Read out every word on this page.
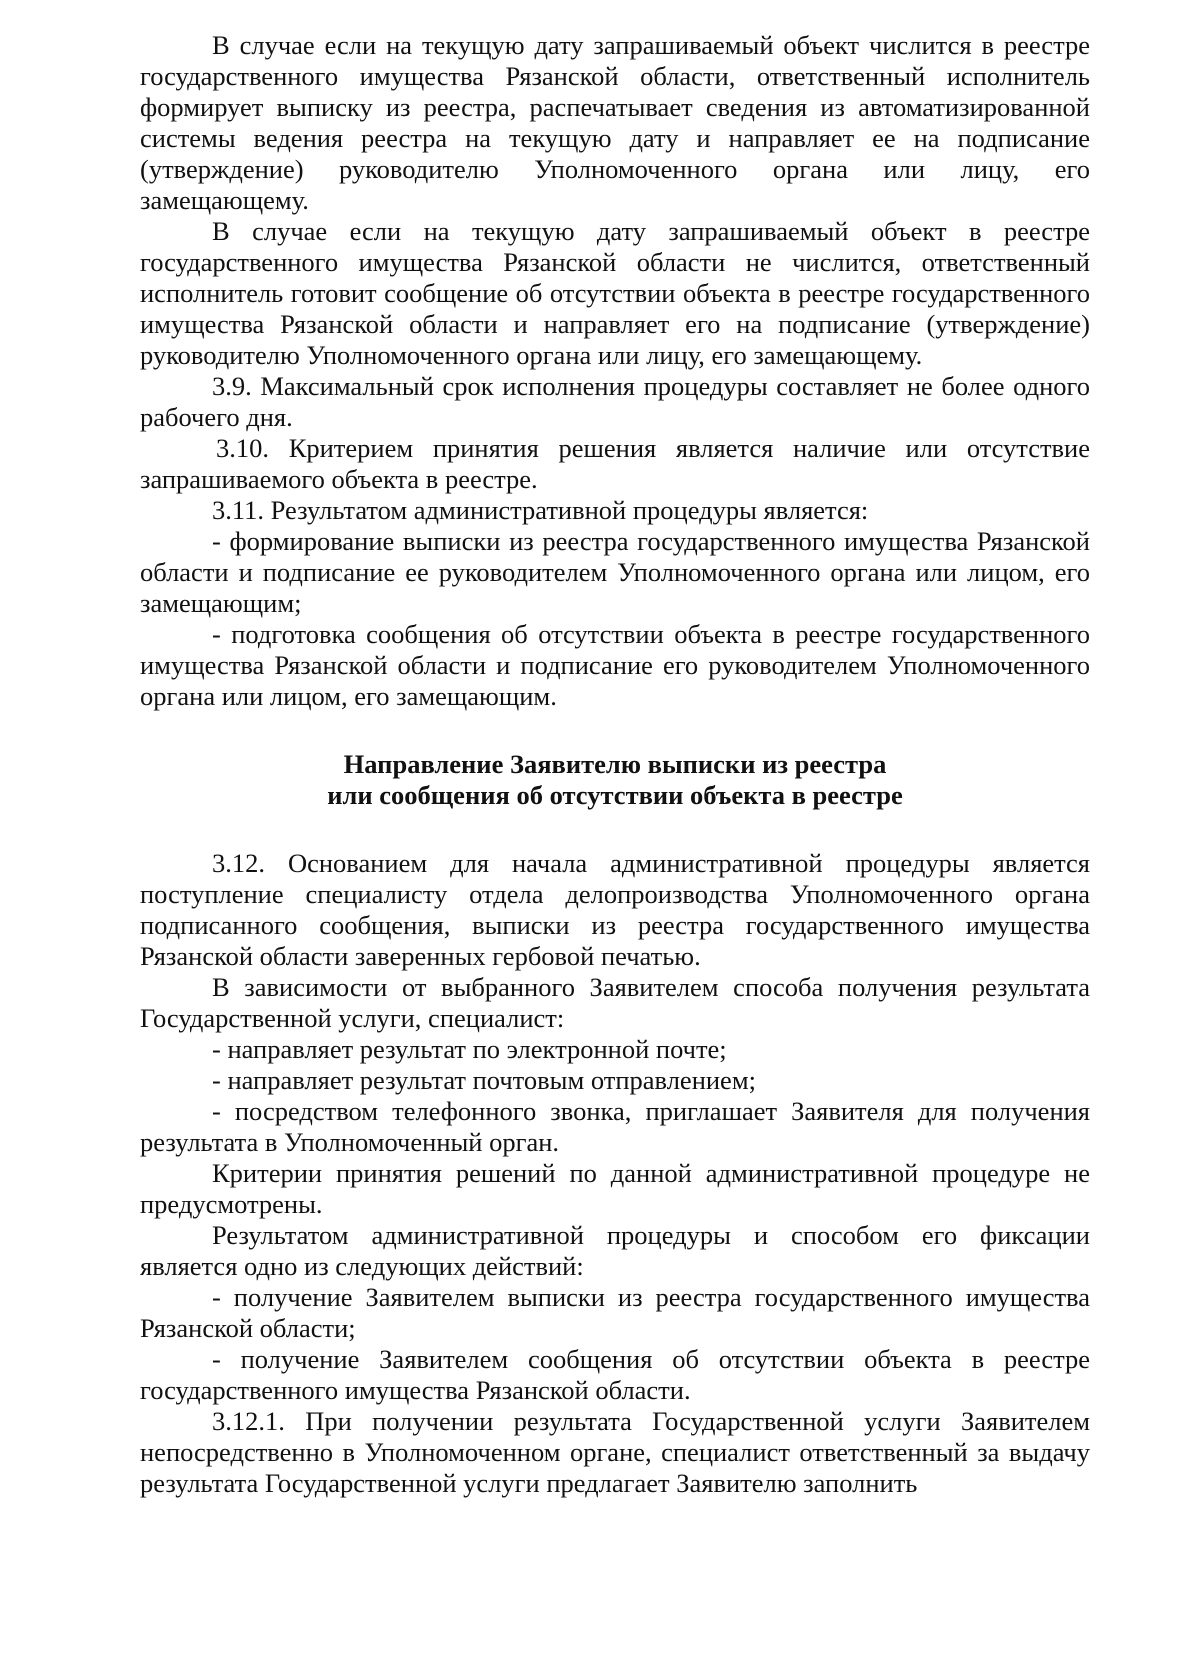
В случае если на текущую дату запрашиваемый объект числится в реестре государственного имущества Рязанской области, ответственный исполнитель формирует выписку из реестра, распечатывает сведения из автоматизированной системы ведения реестра на текущую дату и направляет ее на подписание (утверждение) руководителю Уполномоченного органа или лицу, его замещающему.

В случае если на текущую дату запрашиваемый объект в реестре государственного имущества Рязанской области не числится, ответственный исполнитель готовит сообщение об отсутствии объекта в реестре государственного имущества Рязанской области и направляет его на подписание (утверждение) руководителю Уполномоченного органа или лицу, его замещающему.

3.9. Максимальный срок исполнения процедуры составляет не более одного рабочего дня.

3.10. Критерием принятия решения является наличие или отсутствие запрашиваемого объекта в реестре.

3.11. Результатом административной процедуры является:

- формирование выписки из реестра государственного имущества Рязанской области и подписание ее руководителем Уполномоченного органа или лицом, его замещающим;

- подготовка сообщения об отсутствии объекта в реестре государственного имущества Рязанской области и подписание его руководителем Уполномоченного органа или лицом, его замещающим.

Направление Заявителю выписки из реестра

или сообщения об отсутствии объекта в реестре

3.12. Основанием для начала административной процедуры является поступление специалисту отдела делопроизводства Уполномоченного органа подписанного сообщения, выписки из реестра государственного имущества Рязанской области заверенных гербовой печатью.

В зависимости от выбранного Заявителем способа получения результата Государственной услуги, специалист:

- направляет результат по электронной почте;

- направляет результат почтовым отправлением;

- посредством телефонного звонка, приглашает Заявителя для получения результата в Уполномоченный орган.

Критерии принятия решений по данной административной процедуре не предусмотрены.

Результатом административной процедуры и способом его фиксации является одно из следующих действий:

- получение Заявителем выписки из реестра государственного имущества Рязанской области;

- получение Заявителем сообщения об отсутствии объекта в реестре государственного имущества Рязанской области.

3.12.1. При получении результата Государственной услуги Заявителем непосредственно в Уполномоченном органе, специалист ответственный за выдачу результата Государственной услуги предлагает Заявителю заполнить
